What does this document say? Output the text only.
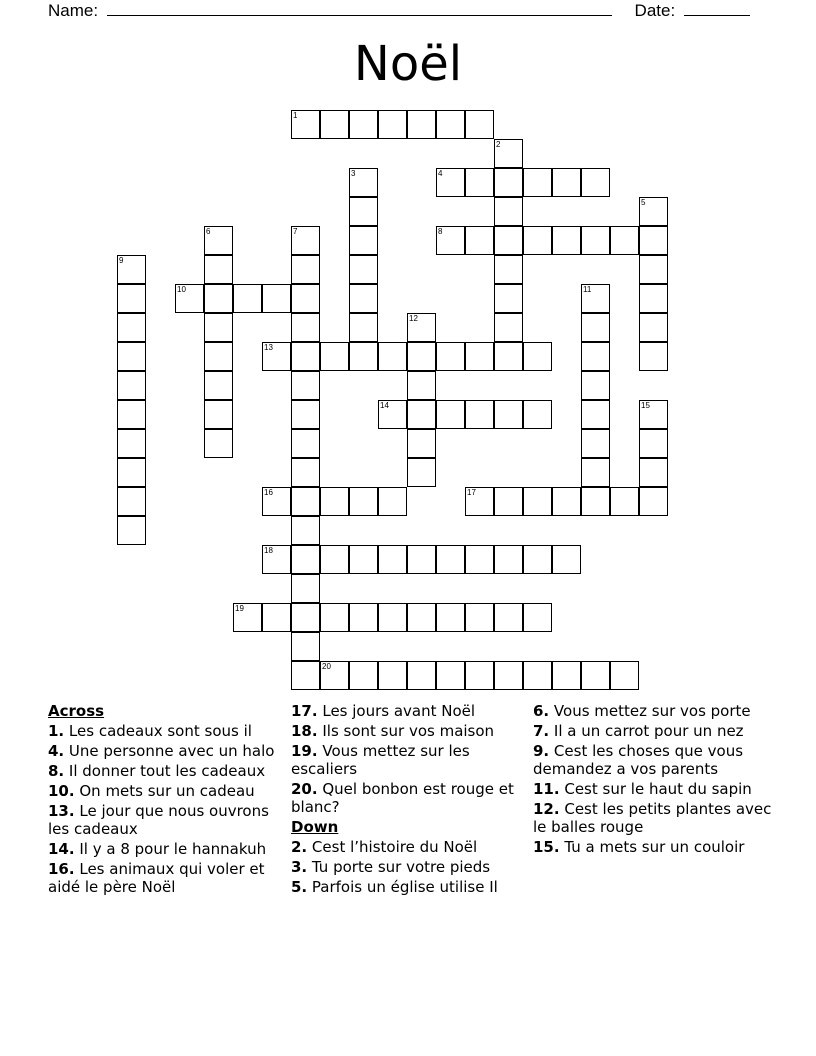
Name:	Date:
Noël
1
2
3	4
5
6	7	8
9
10	11
12
13
14	15
16	17
18
19
20
Across
1. Les cadeaux sont sous il
4. Une personne avec un halo
8. Il donner tout les cadeaux
10. On mets sur un cadeau
13. Le jour que nous ouvrons les cadeaux
14. Il y a 8 pour le hannakuh
16. Les animaux qui voler et aidé le père Noël
17. Les jours avant Noël
18. Ils sont sur vos maison
19. Vous mettez sur les escaliers
20. Quel bonbon est rouge et blanc?
Down
2. Cest l’histoire du Noël
3. Tu porte sur votre pieds
5. Parfois un église utilise Il
6. Vous mettez sur vos porte
7. Il a un carrot pour un nez
9. Cest les choses que vous demandez a vos parents
11. Cest sur le haut du sapin
12. Cest les petits plantes avec le balles rouge
15. Tu a mets sur un couloir
